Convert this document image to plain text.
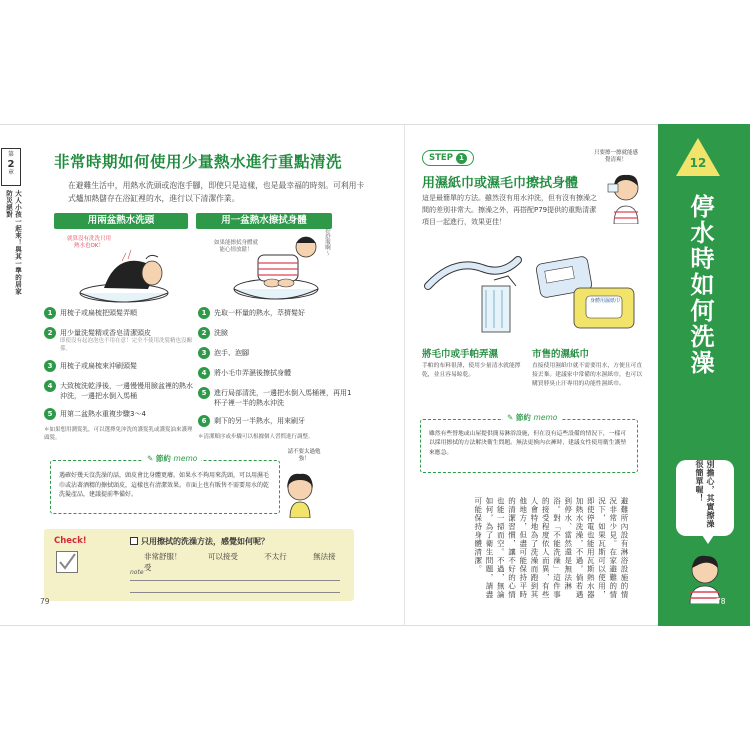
第
2
章
大人小孩一起來！與其一準的居家防災絕對
非常時期如何使用少量熱水進行重點清洗
在避難生活中，用熱水洗頭或泡泡手腳，即使只是這樣，也是最幸福的時刻。可利用卡式爐加熱儲存在浴缸裡的水，進行以下清潔作業。
用兩盆熱水洗頭	用一盆熱水擦拭身體
就算沒有洗洗只用熱水也OK！
如果能擦拭身體就能心情放鬆！	好舒服啊～
1	用梳子或扁梳把頭髮弄順
2	用少量洗髮精或香皂清潔頭皮
即使沒有起泡泡也不用在意！完全不使用洗髮精也沒關係。
3	用梳子或扁梳來沖刷頭髮
4	大致梳洗乾淨後，一邊慢慢用臉盆裡的熱水沖洗，一邊把水倒入馬桶
5	用第二盆熱水重複步驟3～4
＊如果想用潤髮乳，可以選擇免沖洗的護髮乳或護髮油來護理頭髮。
1	先取一杯量的熱水，萃擠髮好
2	洗臉
3	泡手、泡腳
4	將小毛巾弄濕後擦拭身體
5	進行局部清洗，一邊把水倒入馬桶裡，再用1杯子裡一半的熱水沖洗
6	剩下的另一半熱水，用來刷牙
＊清潔順序或步驟可以根據個人習慣進行調整。
✎ 節約 memo
遇確好幾天沒洗澡的話，頭皮會比身體更癢。如果水不夠用來洗頭，可以用濕毛巾或沾著酒精的擦拭頭皮，這樣也有清潔效果。市面上也有販售不需要用水的乾洗髮產品，建議提前準備好。
請不要太過勉強！
Check!	只用擦拭的洗澡方法，感覺如何呢？
非常舒服！	可以接受	不太行	無法接受
note
79
STEP 1
用濕紙巾或濕毛巾擦拭身體
這是最簡單的方法。雖然沒有用水沖洗，但有沒有擦澡之間的差別非常大。擦澡之外，再搭配P79提供的重點清潔項目一起進行，效果更佳！
只要擦一擦就能感覺清爽！
身體用濕紙巾
將毛巾或手帕弄濕
手帕的布料很薄，使用少量清水就能擰乾，並且容易晾乾。
市售的濕紙巾
直接使用濕紙巾就不需要用水，方便且可直接丟棄。建議家中常備的水濕紙巾，也可以購買脖臭止汗專用的功能性濕紙巾。
✎ 節約 memo
雖然有些營地或山屋提供簡易淋浴設施，但在沒有這些設備的情況下，一樣可以採用擦拭的方法解決衛生問題。無法更換內衣褲時，建議女性使用衛生護墊來應急。
避難所內設有淋浴設施的情況非常少見。在家避難的情況下，如果瓦斯可以使用，即使停電也能用瓦斯熱水器加熱水洗澡，不過，倘若遇到停水、當然還是無法淋浴。對「不能洗澡」這件事的接受程度依人而異，有些人會特地為了洗澡而跑到其他地方，但盡可能保持平時的清潔習慣，讓不好的心情也能一掃而空。不過，無論如何，為了衛生問題，請盡可能保持身體清潔。
12
停水時如何洗澡
別擔心，其實擦澡很簡單喔！
78
